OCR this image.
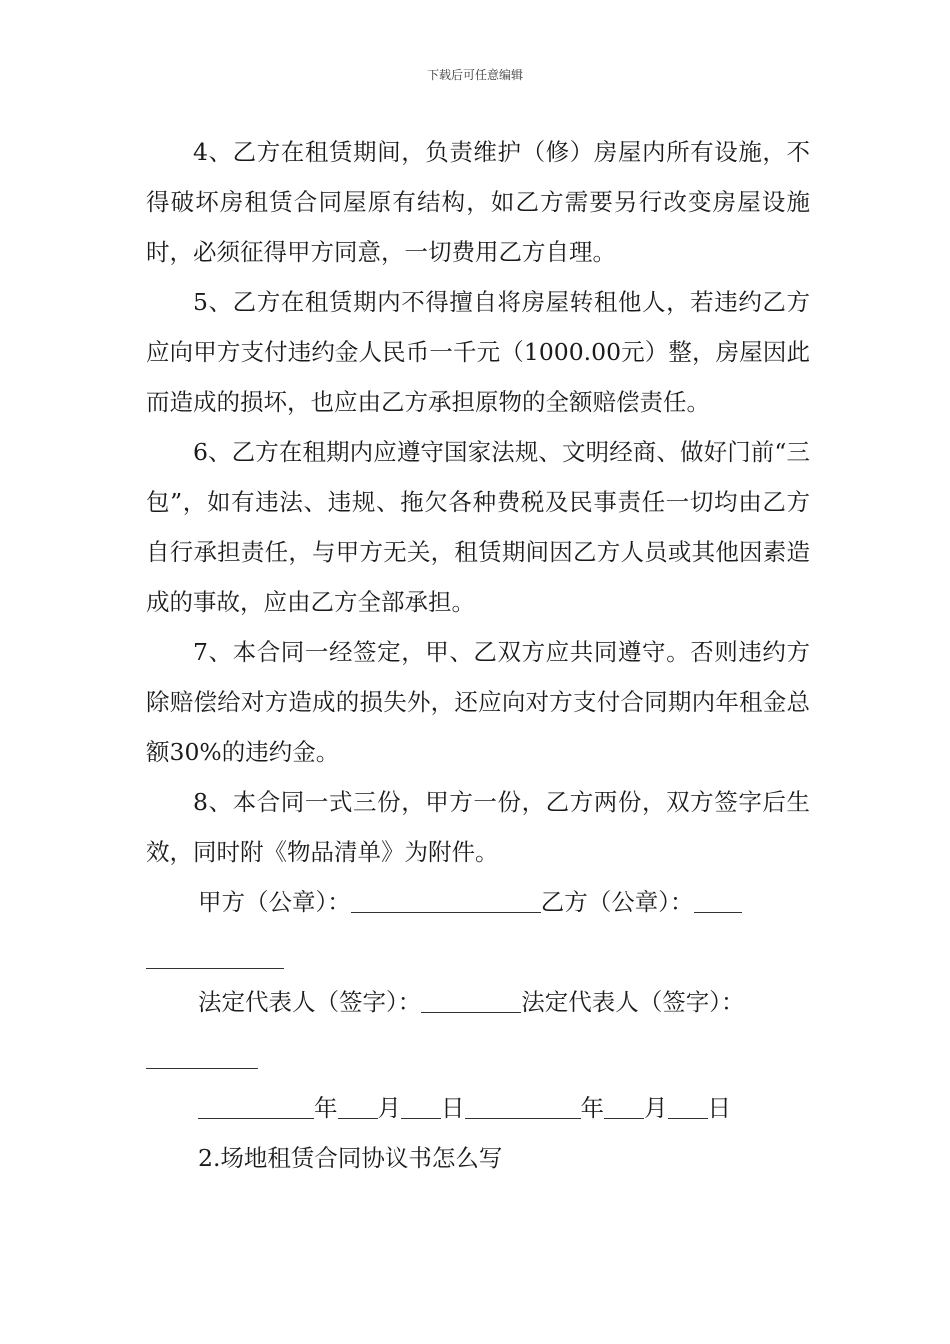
下载后可任意编辑

4、乙方在租赁期间，负责维护（修）房屋内所有设施，不得破坏房租赁合同屋原有结构，如乙方需要另行改变房屋设施时，必须征得甲方同意，一切费用乙方自理。

5、乙方在租赁期内不得擅自将房屋转租他人，若违约乙方应向甲方支付违约金人民币一千元（1000.00元）整，房屋因此而造成的损坏，也应由乙方承担原物的全额赔偿责任。

6、乙方在租期内应遵守国家法规、文明经商、做好门前“三包”，如有违法、违规、拖欠各种费税及民事责任一切均由乙方自行承担责任，与甲方无关，租赁期间因乙方人员或其他因素造成的事故，应由乙方全部承担。

7、本合同一经签定，甲、乙双方应共同遵守。否则违约方除赔偿给对方造成的损失外，还应向对方支付合同期内年租金总额30%的违约金。

8、本合同一式三份，甲方一份，乙方两份，双方签字后生效，同时附《物品清单》为附件。

甲方（公章）：	乙方（公章）：
法定代表人（签字）：	法定代表人（签字）：
年 月 日	年 月 日

2.场地租赁合同协议书怎么写
